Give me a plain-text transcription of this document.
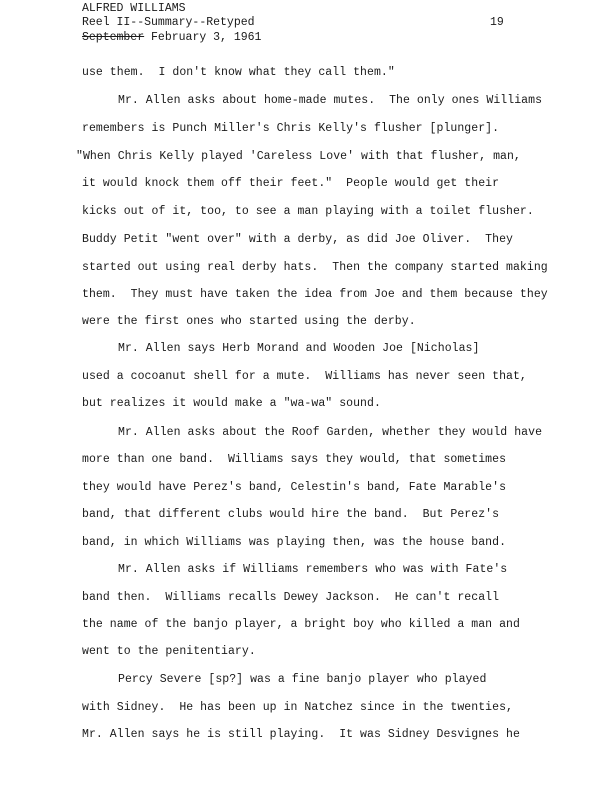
ALFRED WILLIAMS
Reel II--Summary--Retyped
September February 3, 1961
19
use them.  I don't know what they call them."
Mr. Allen asks about home-made mutes.  The only ones Williams
remembers is Punch Miller's Chris Kelly's flusher [plunger].
"When Chris Kelly played 'Careless Love' with that flusher, man,
it would knock them off their feet."  People would get their
kicks out of it, too, to see a man playing with a toilet flusher.
Buddy Petit "went over" with a derby, as did Joe Oliver.  They
started out using real derby hats.  Then the company started making
them.  They must have taken the idea from Joe and them because they
were the first ones who started using the derby.
Mr. Allen says Herb Morand and Wooden Joe [Nicholas]
used a cocoanut shell for a mute.  Williams has never seen that,
but realizes it would make a "wa-wa" sound.
Mr. Allen asks about the Roof Garden, whether they would have
more than one band.  Williams says they would, that sometimes
they would have Perez's band, Celestin's band, Fate Marable's
band, that different clubs would hire the band.  But Perez's
band, in which Williams was playing then, was the house band.
Mr. Allen asks if Williams remembers who was with Fate's
band then.  Williams recalls Dewey Jackson.  He can't recall
the name of the banjo player, a bright boy who killed a man and
went to the penitentiary.
Percy Severe [sp?] was a fine banjo player who played
with Sidney.  He has been up in Natchez since in the twenties,
Mr. Allen says he is still playing.  It was Sidney Desvignes he
